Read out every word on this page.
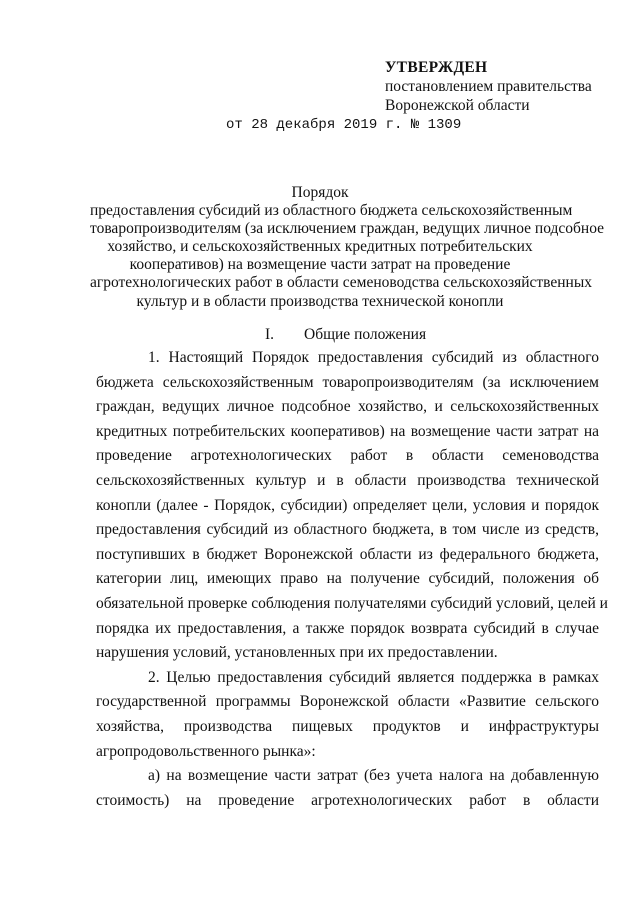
УТВЕРЖДЕН
постановлением правительства
Воронежской области
от 28 декабря 2019 г. № 1309
Порядок
предоставления субсидий из областного бюджета сельскохозяйственным
товаропроизводителям (за исключением граждан, ведущих личное подсобное
хозяйство, и сельскохозяйственных кредитных потребительских
кооперативов) на возмещение части затрат на проведение
агротехнологических работ в области семеноводства сельскохозяйственных
культур и в области производства технической конопли
I. Общие положения
1. Настоящий Порядок предоставления субсидий из областного
бюджета сельскохозяйственным товаропроизводителям (за исключением
граждан, ведущих личное подсобное хозяйство, и сельскохозяйственных
кредитных потребительских кооперативов) на возмещение части затрат на
проведение агротехнологических работ в области семеноводства
сельскохозяйственных культур и в области производства технической
конопли (далее - Порядок, субсидии) определяет цели, условия и порядок
предоставления субсидий из областного бюджета, в том числе из средств,
поступивших в бюджет Воронежской области из федерального бюджета,
категории лиц, имеющих право на получение субсидий, положения об
обязательной проверке соблюдения получателями субсидий условий, целей и
порядка их предоставления, а также порядок возврата субсидий в случае
нарушения условий, установленных при их предоставлении.
2. Целью предоставления субсидий является поддержка в рамках
государственной программы Воронежской области «Развитие сельского
хозяйства, производства пищевых продуктов и инфраструктуры
агропродовольственного рынка»:
а) на возмещение части затрат (без учета налога на добавленную
стоимость) на проведение агротехнологических работ в области
